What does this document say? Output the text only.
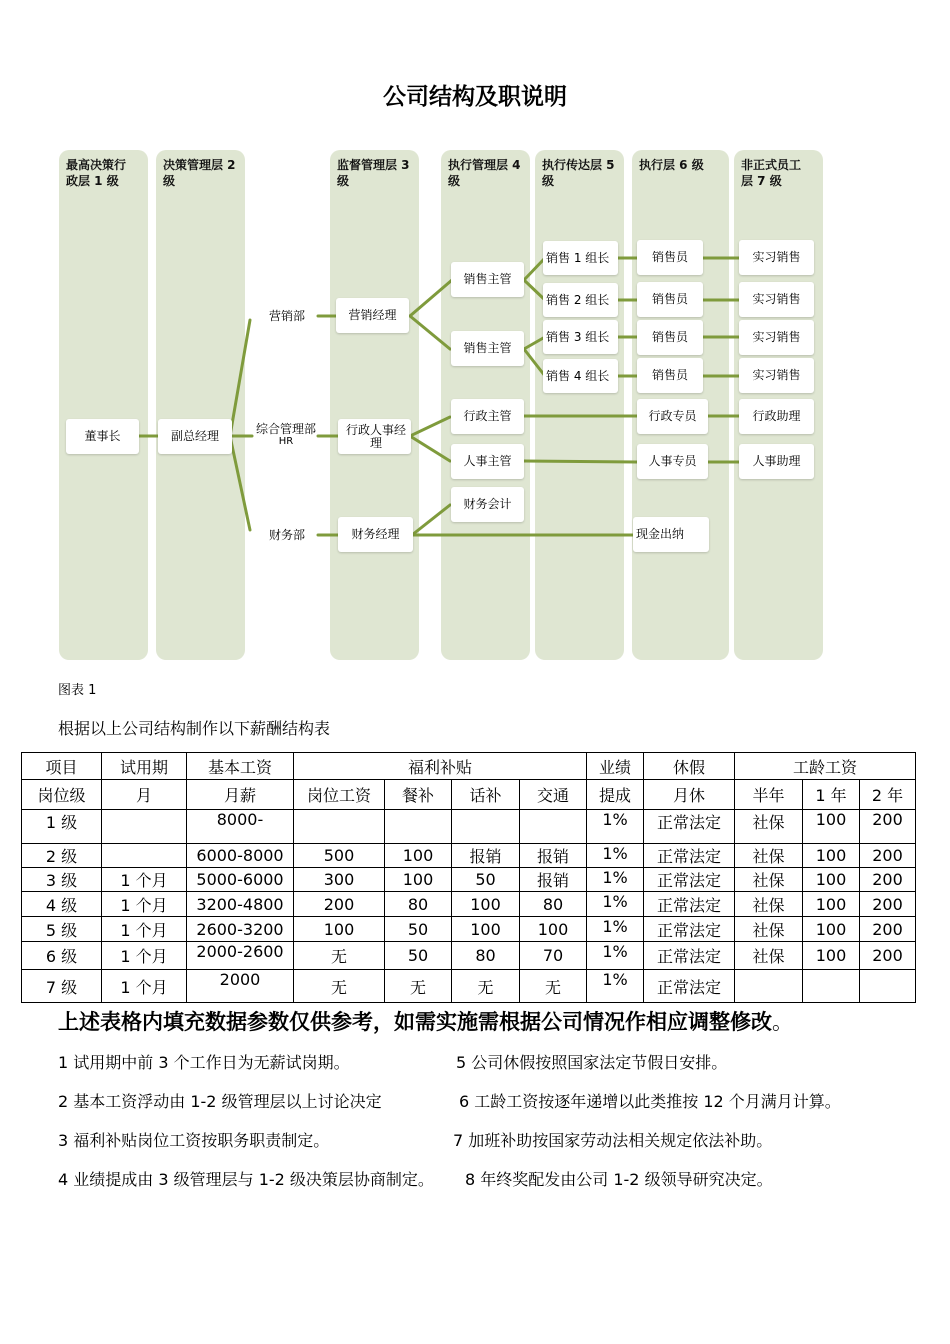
公司结构及职说明
最高决策行
政层 1 级
决策管理层 2
级
监督管理层 3
级
执行管理层 4
级
执行传达层 5
级
执行层 6 级	非正式员工
层 7 级
董事长	副总经理
营销部
综合管理部
HR
财务部
营销经理
行政人事经理
财务经理
销售主管
销售主管
行政主管
人事主管
财务会计
销售 1 组长
销售 2 组长
销售 3 组长
销售 4 组长
销售员
销售员
销售员
销售员
行政专员
人事专员
现金出纳
实习销售
实习销售
实习销售
实习销售
行政助理
人事助理
图表 1
根据以上公司结构制作以下薪酬结构表
项目	试用期	基本工资	福利补贴				业绩	休假	工龄工资		
岗位级	月	月薪	岗位工资	餐补	话补	交通	提成	月休	半年	1 年	2 年
1 级		8000-					1%	正常法定	社保	100	200
2 级		6000-8000	500	100	报销	报销	1%	正常法定	社保	100	200
3 级	1 个月	5000-6000	300	100	50	报销	1%	正常法定	社保	100	200
4 级	1 个月	3200-4800	200	80	100	80	1%	正常法定	社保	100	200
5 级	1 个月	2600-3200	100	50	100	100	1%	正常法定	社保	100	200
6 级	1 个月	2000-2600	无	50	80	70	1%	正常法定	社保	100	200
7 级	1 个月	2000	无	无	无	无	1%	正常法定			
上述表格内填充数据参数仅供参考，如需实施需根据公司情况作相应调整修改。
1 试用期中前 3 个工作日为无薪试岗期。	5 公司休假按照国家法定节假日安排。
2 基本工资浮动由 1-2 级管理层以上讨论决定	6 工龄工资按逐年递增以此类推按 12 个月满月计算。
3 福利补贴岗位工资按职务职责制定。	7 加班补助按国家劳动法相关规定依法补助。
4 业绩提成由 3 级管理层与 1-2 级决策层协商制定。 8 年终奖配发由公司 1-2 级领导研究决定。
